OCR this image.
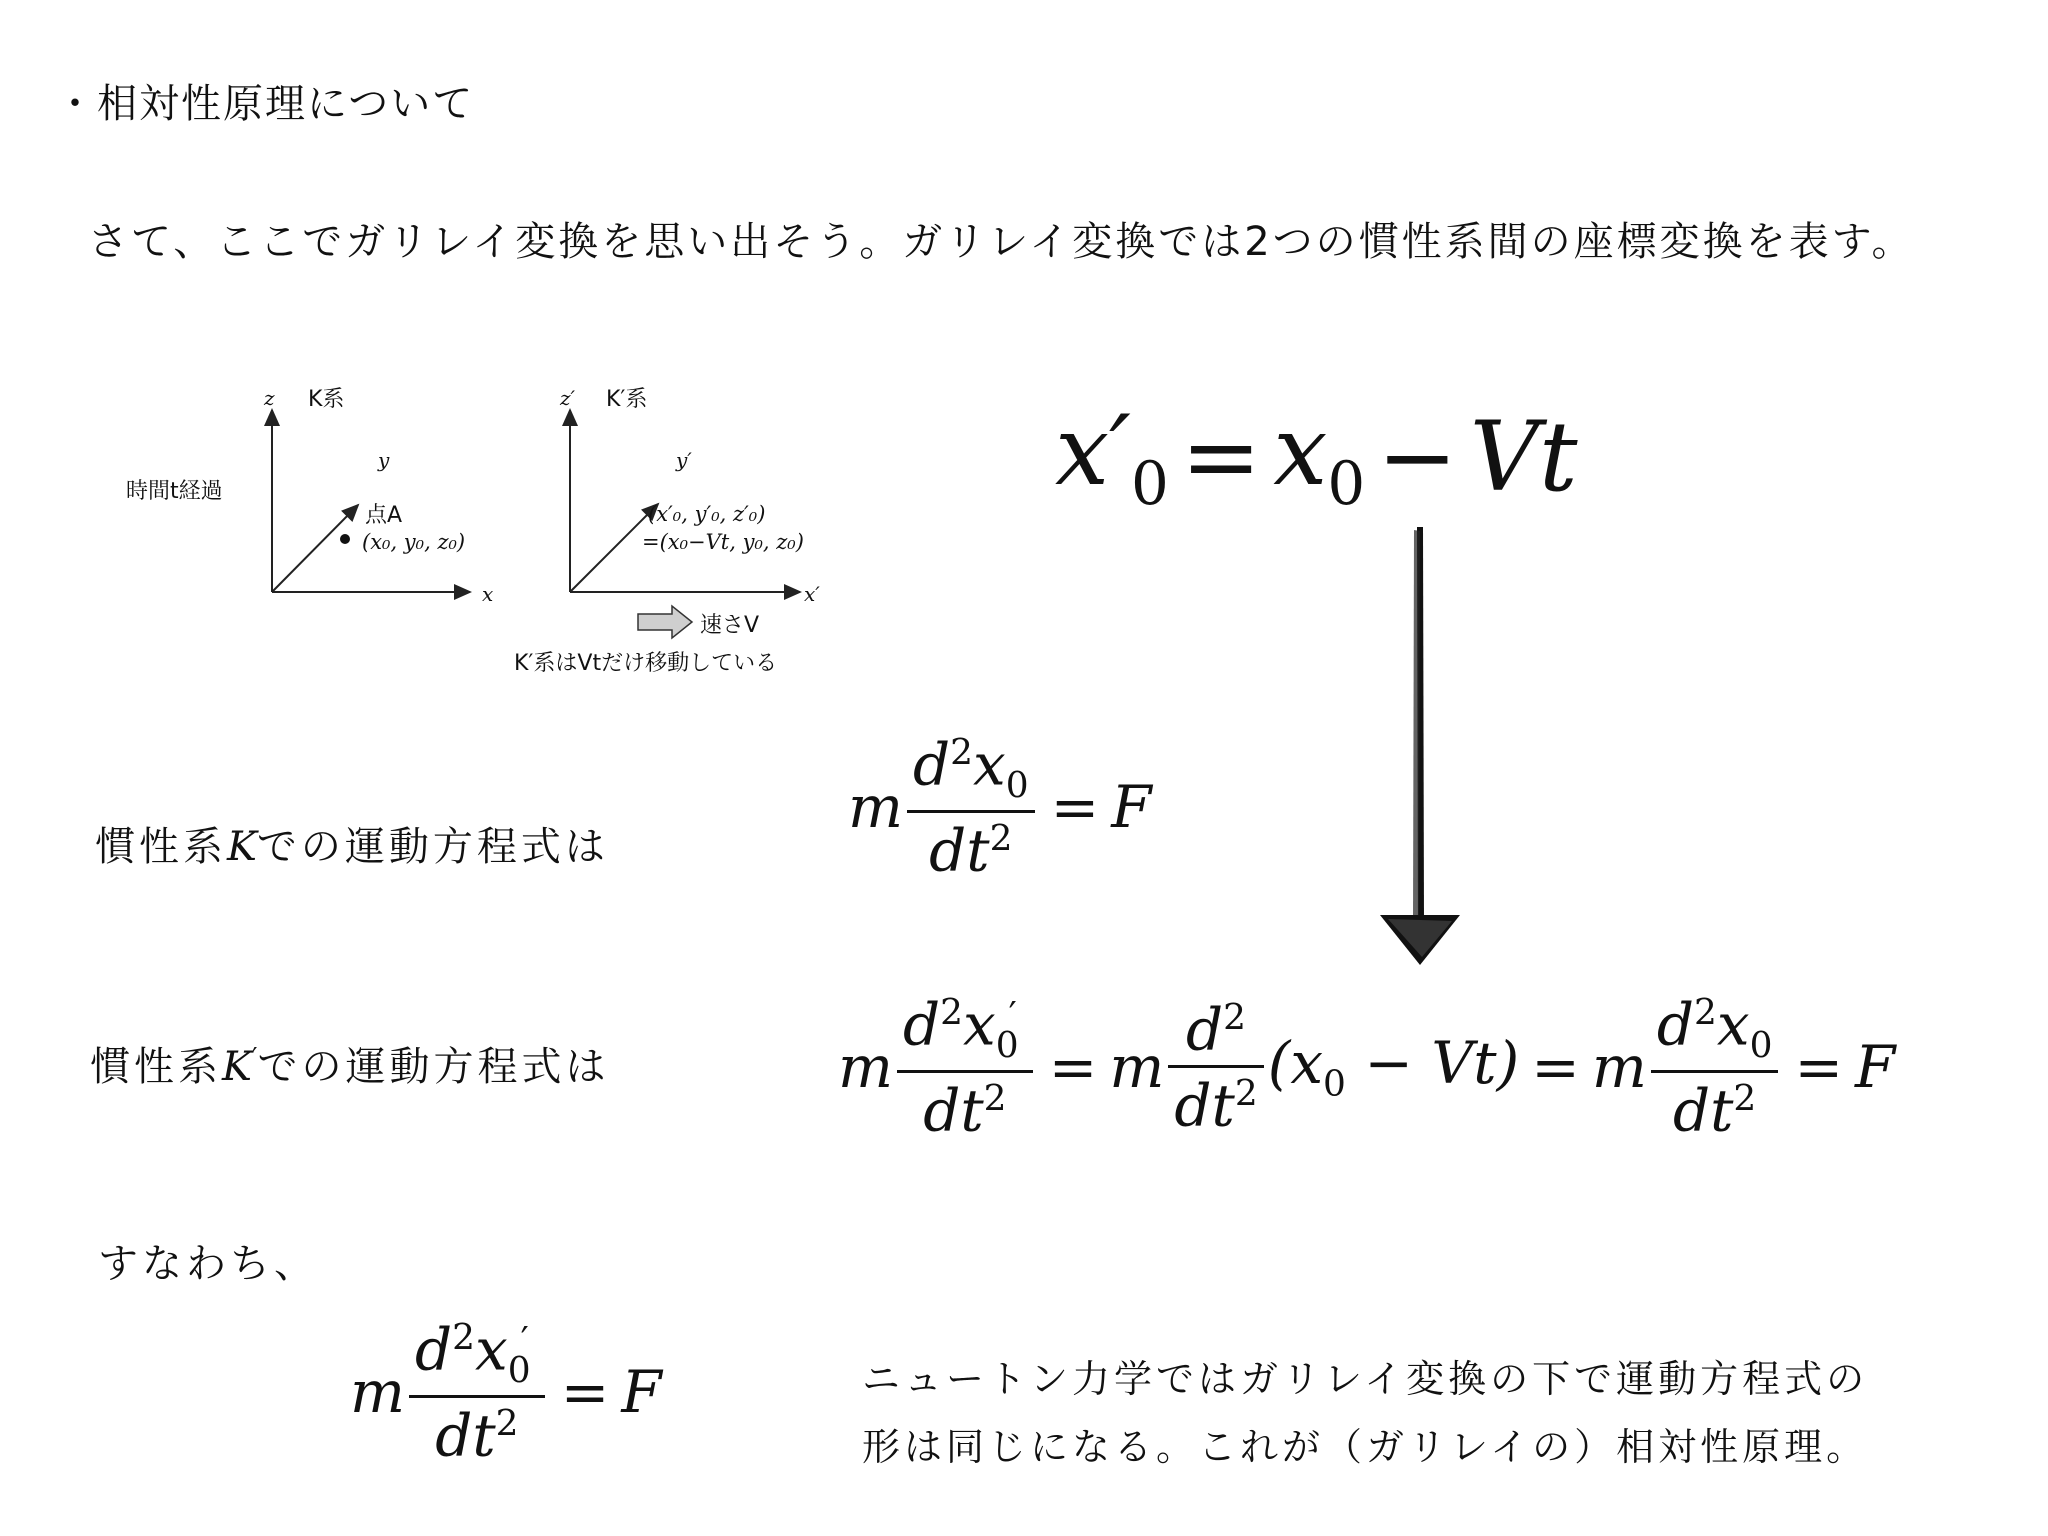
・相対性原理について
さて、ここでガリレイ変換を思い出そう。ガリレイ変換では2つの慣性系間の座標変換を表す。
時間t経過
z K系
y
x
点A
(x₀, y₀, z₀)
z′ K′系
y′
x′
(x′₀, y′₀, z′₀)
=(x₀−Vt, y₀, z₀)
速さV
K′系はVtだけ移動している
$x'_0 = x_0 - Vt$
慣性系Kでの運動方程式は
m $\frac{d^2x_0}{dt^2} = F$
慣性系K′での運動方程式は	m $\frac{d^2x_{0'}}{dt^2} = m \frac{d^2}{dt^2} (x_0 - Vt) = m \frac{d^2x_0}{dt^2} = F$
すなわち、
m $\frac{d^2x_{0'}}{dt^2} = F$	ニュートン力学ではガリレイ変換の下で運動方程式の
形は同じになる。これが（ガリレイの）相対性原理。
